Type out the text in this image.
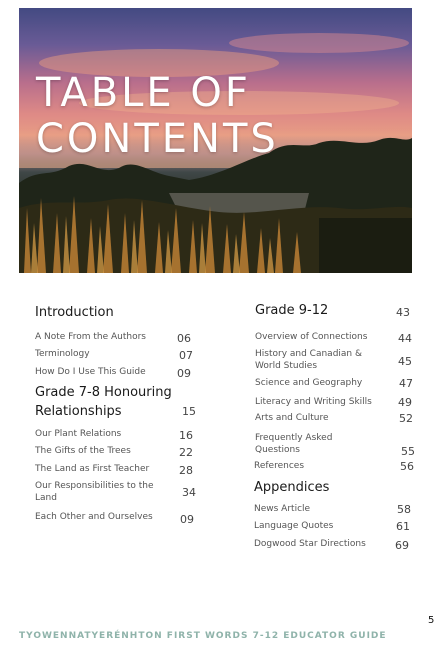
TABLE OF
CONTENTS
Introduction
A Note From the Authors	06
Terminology	07
How Do I Use This Guide	09
Grade 7-8 Honouring
Relationships	15
Our Plant Relations	16
The Gifts of the Trees	22
The Land as First Teacher	28
Our Responsibilities to the
Land	34
Each Other and Ourselves 09
Grade 9-12	43
Overview of Connections	44
History and Canadian &
World Studies	45
Science and Geography	47
Literacy and Writing Skills 49
Arts and Culture	52
Frequently Asked
Questions	55
References	56
Appendices
News Article	58
Language Quotes	61
Dogwood Star Directions	69
5
TYOWENNATYERÉNHTON FIRST WORDS 7-12 EDUCATOR GUIDE
